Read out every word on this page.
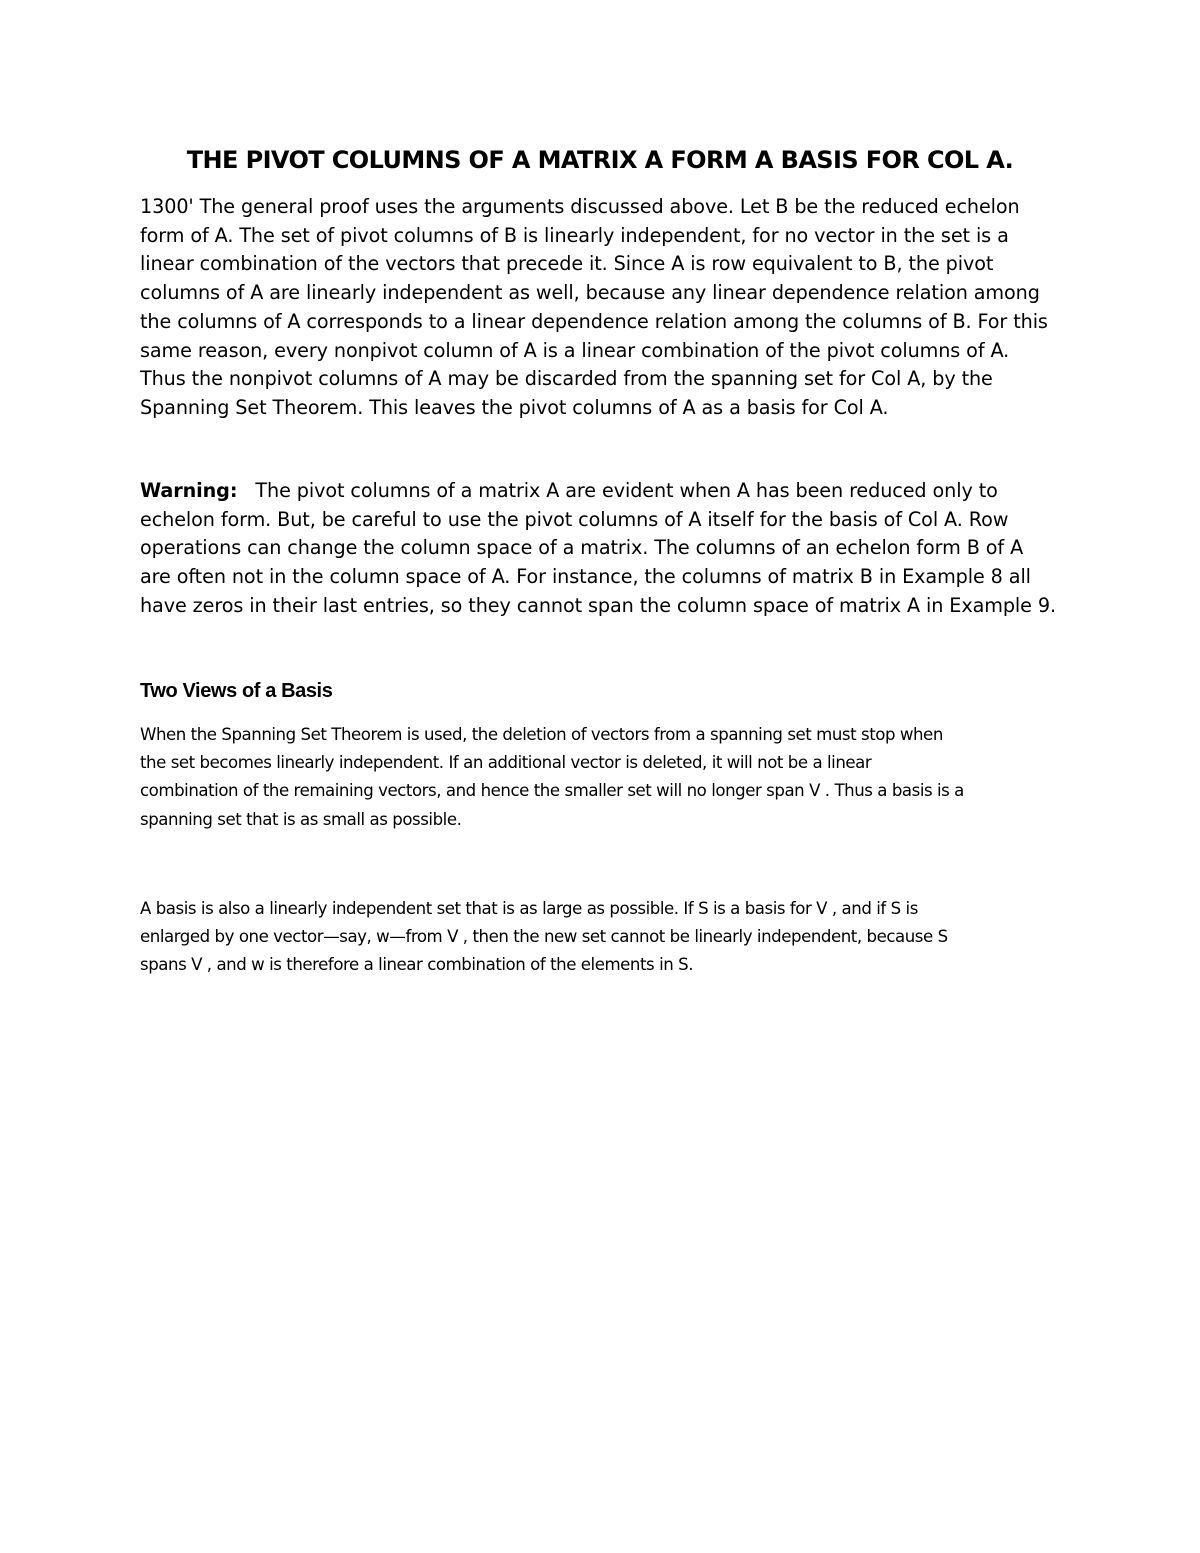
THE PIVOT COLUMNS OF A MATRIX A FORM A BASIS FOR COL A.

1300' The general proof uses the arguments discussed above. Let B be the reduced echelon
form of A. The set of pivot columns of B is linearly independent, for no vector in the set is a
linear combination of the vectors that precede it. Since A is row equivalent to B, the pivot
columns of A are linearly independent as well, because any linear dependence relation among
the columns of A corresponds to a linear dependence relation among the columns of B. For this
same reason, every nonpivot column of A is a linear combination of the pivot columns of A.
Thus the nonpivot columns of A may be discarded from the spanning set for Col A, by the
Spanning Set Theorem. This leaves the pivot columns of A as a basis for Col A.

Warning: The pivot columns of a matrix A are evident when A has been reduced only to
echelon form. But, be careful to use the pivot columns of A itself for the basis of Col A. Row
operations can change the column space of a matrix. The columns of an echelon form B of A
are often not in the column space of A. For instance, the columns of matrix B in Example 8 all
have zeros in their last entries, so they cannot span the column space of matrix A in Example 9.

Two Views of a Basis

When the Spanning Set Theorem is used, the deletion of vectors from a spanning set must stop when
the set becomes linearly independent. If an additional vector is deleted, it will not be a linear
combination of the remaining vectors, and hence the smaller set will no longer span V . Thus a basis is a
spanning set that is as small as possible.

A basis is also a linearly independent set that is as large as possible. If S is a basis for V , and if S is
enlarged by one vector—say, w—from V , then the new set cannot be linearly independent, because S
spans V , and w is therefore a linear combination of the elements in S.
